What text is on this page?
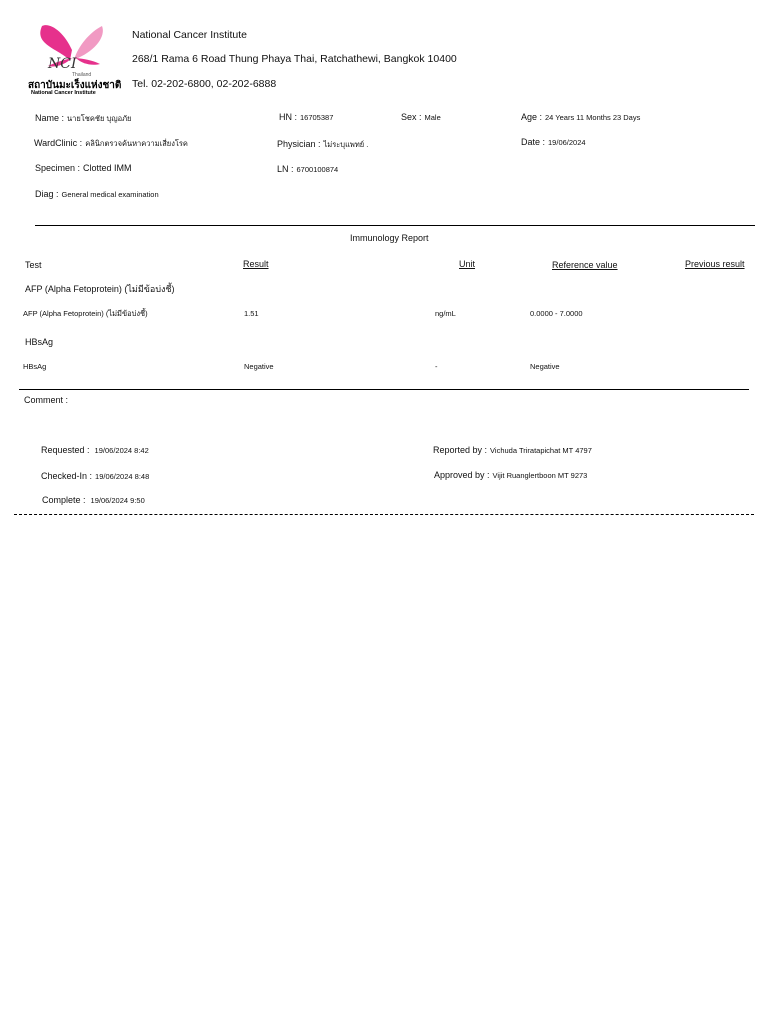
NCI
Thailand
สถาบันมะเร็งแห่งชาติ
National Cancer Institute
National Cancer Institute
268/1 Rama 6 Road Thung Phaya Thai, Ratchathewi, Bangkok 10400
Tel. 02-202-6800, 02-202-6888
Name : นายโชคชัย บุญอภัย	HN : 16705387	Sex : Male	Age : 24 Years 11 Months 23 Days
WardClinic : คลินิกตรวจค้นหาความเสี่ยงโรค	Physician : ไม่ระบุแพทย์ .	Date : 19/06/2024
Specimen : Clotted IMM	LN : 6700100874
Diag : General medical examination
Immunology Report
Test	Result	Unit	Reference value	Previous result
AFP (Alpha Fetoprotein) (ไม่มีข้อบ่งชี้)
AFP (Alpha Fetoprotein) (ไม่มีข้อบ่งชี้)	1.51	ng/mL	0.0000 - 7.0000
HBsAg
HBsAg	Negative	-	Negative
Comment :
Requested : 19/06/2024 8:42
Checked-In : 19/06/2024 8:48
Complete : 19/06/2024 9:50
Reported by : Vichuda Triratapichat MT 4797
Approved by : Vijit Ruanglertboon MT 9273
